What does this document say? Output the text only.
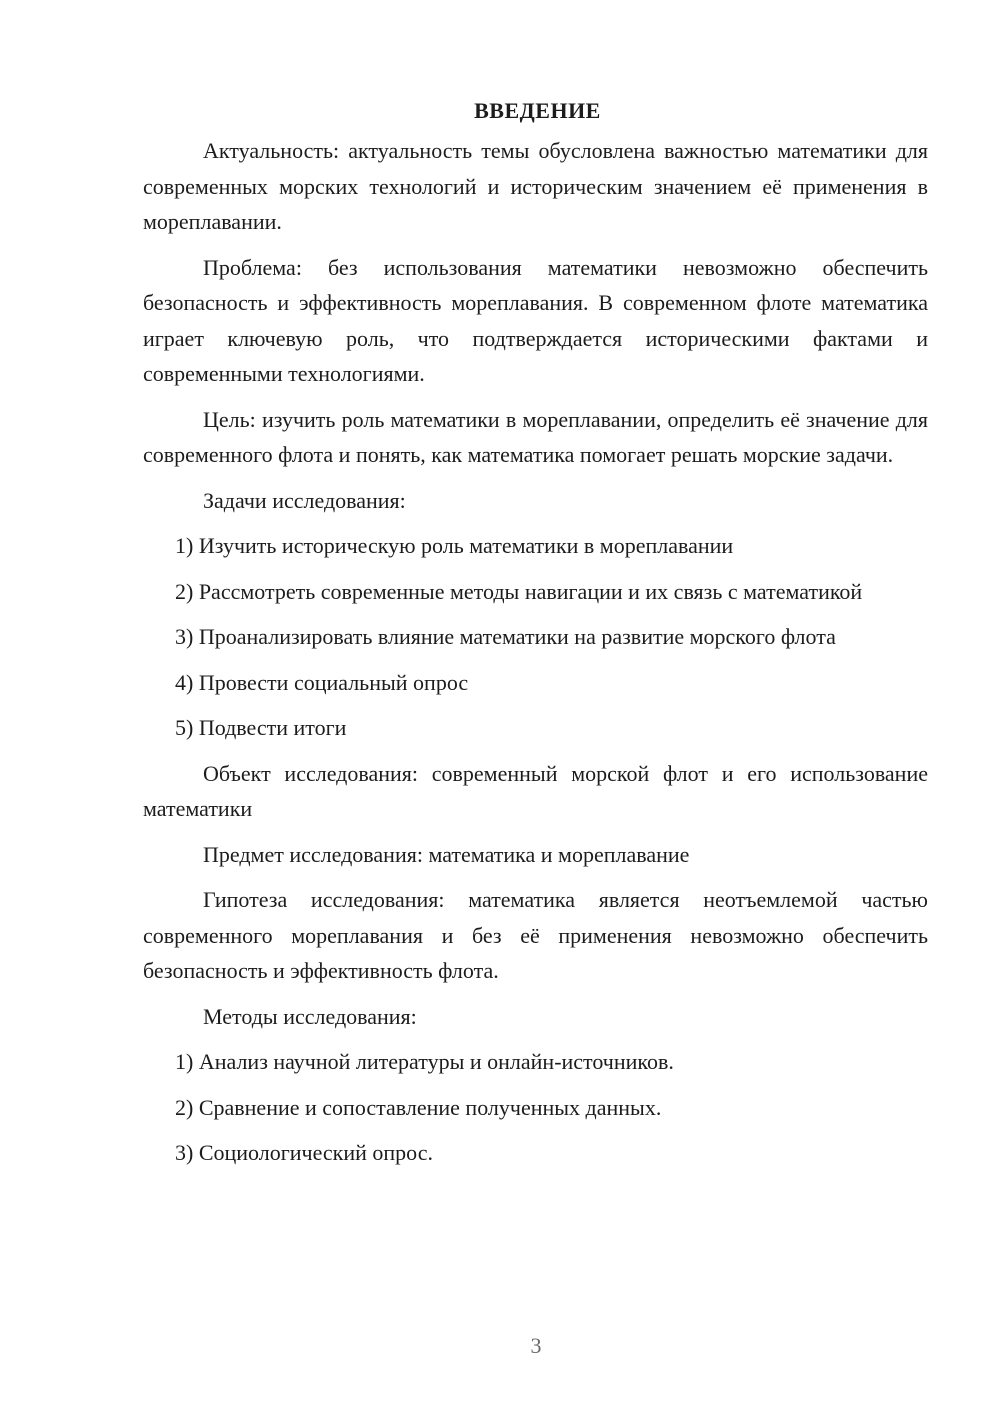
ВВЕДЕНИЕ

Актуальность: актуальность темы обусловлена важностью математики для современных морских технологий и историческим значением её применения в мореплавании.

Проблема: без использования математики невозможно обеспечить безопасность и эффективность мореплавания. В современном флоте математика играет ключевую роль, что подтверждается историческими фактами и современными технологиями.

Цель: изучить роль математики в мореплавании, определить её значение для современного флота и понять, как математика помогает решать морские задачи.

Задачи исследования:

1) Изучить историческую роль математики в мореплавании

2) Рассмотреть современные методы навигации и их связь с математикой

3) Проанализировать влияние математики на развитие морского флота

4) Провести социальный опрос

5) Подвести итоги

Объект исследования: современный морской флот и его использование математики

Предмет исследования: математика и мореплавание

Гипотеза исследования: математика является неотъемлемой частью современного мореплавания и без её применения невозможно обеспечить безопасность и эффективность флота.

Методы исследования:

1) Анализ научной литературы и онлайн-источников.

2) Сравнение и сопоставление полученных данных.

3) Социологический опрос.

3
